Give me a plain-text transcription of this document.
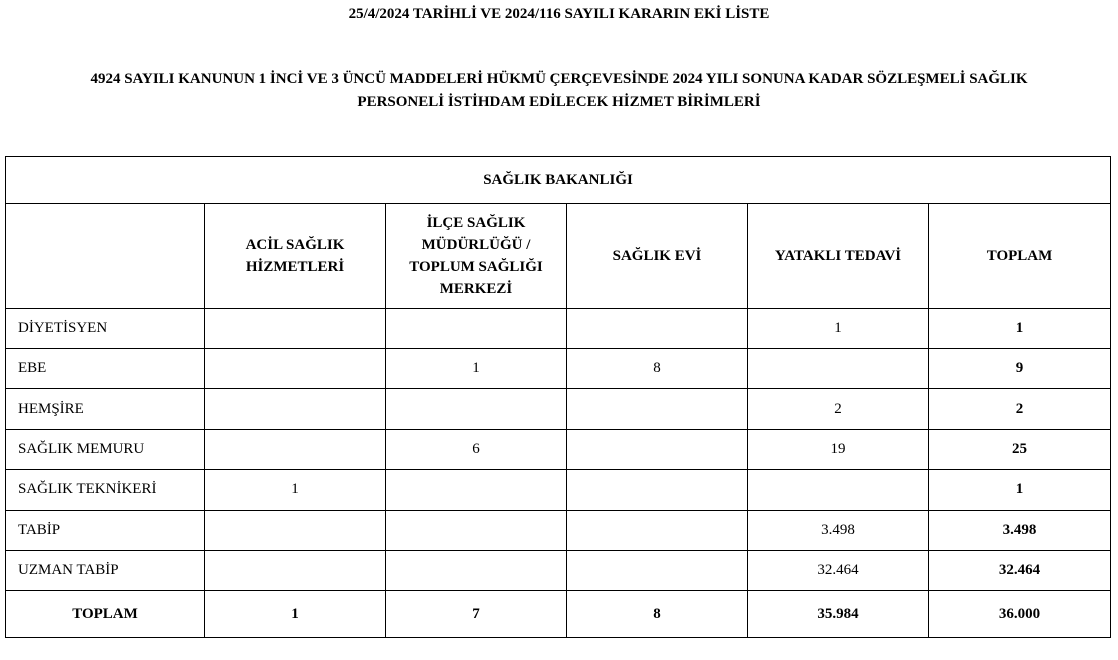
25/4/2024 TARİHLİ VE 2024/116 SAYILI KARARIN EKİ LİSTE
4924 SAYILI KANUNUN 1 İNCİ VE 3 ÜNCÜ MADDELERİ HÜKMÜ ÇERÇEVESİNDE 2024 YILI SONUNA KADAR SÖZLEŞMELİ SAĞLIK
PERSONELİ İSTİHDAM EDİLECEK HİZMET BİRİMLERİ
SAĞLIK BAKANLIĞI					
	ACİL SAĞLIK HİZMETLERİ	İLÇE SAĞLIK MÜDÜRLÜĞÜ / TOPLUM SAĞLIĞI MERKEZİ	SAĞLIK EVİ	YATAKLI TEDAVİ	TOPLAM
DİYETİSYEN				1	1
EBE		1	8		9
HEMŞİRE				2	2
SAĞLIK MEMURU		6		19	25
SAĞLIK TEKNİKERİ	1				1
TABİP				3.498	3.498
UZMAN TABİP				32.464	32.464
TOPLAM	1	7	8	35.984	36.000
